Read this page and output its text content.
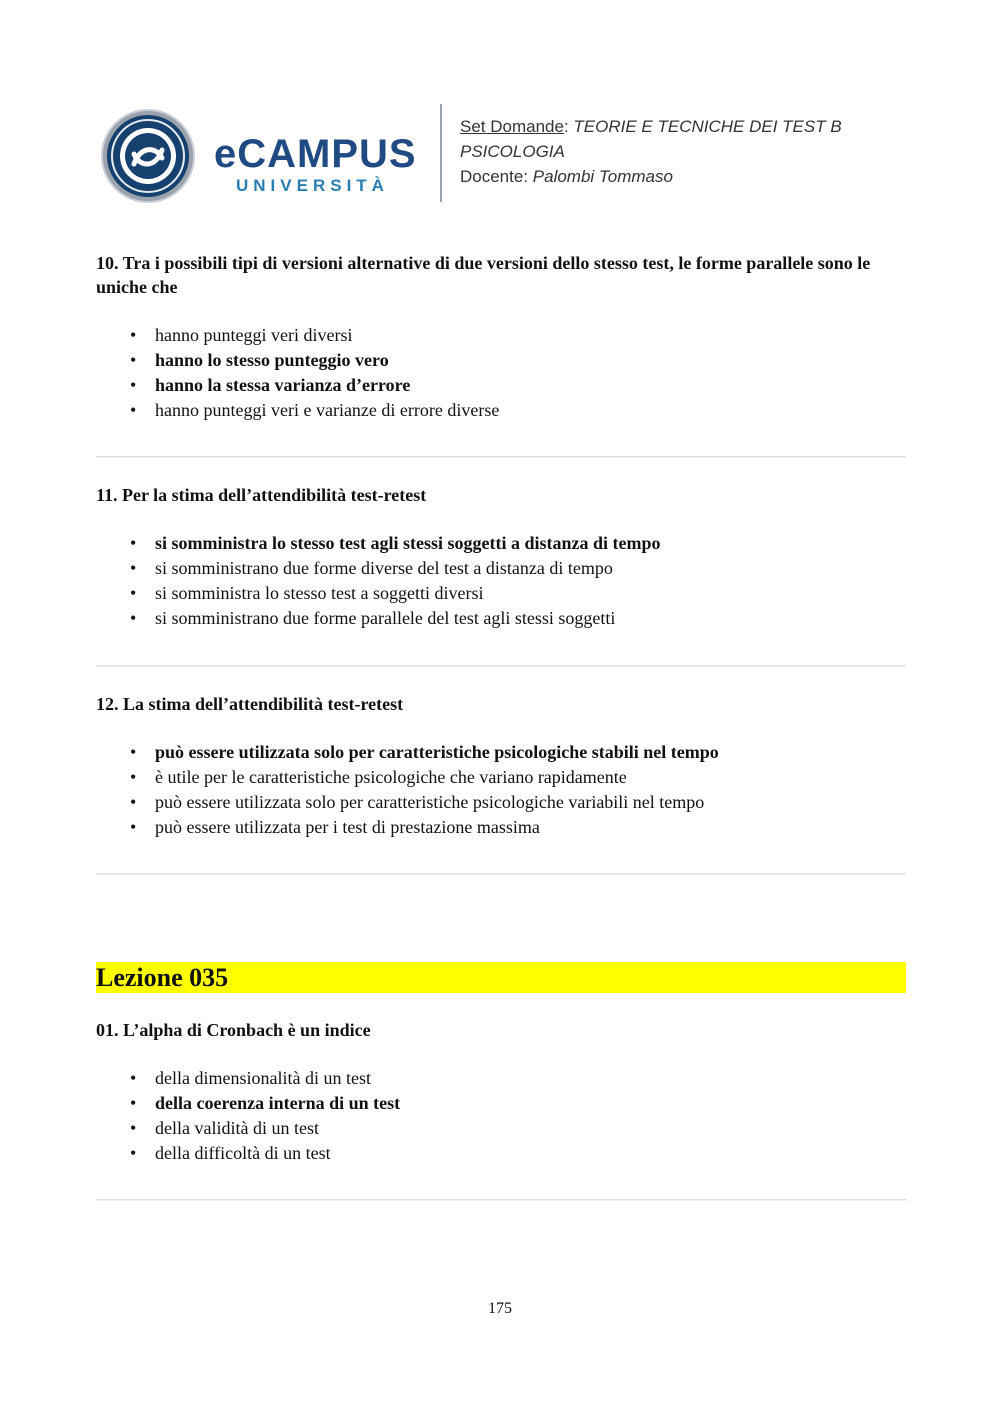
eCAMPUS
UNIVERSITÀ
Set Domande: TEORIE E TECNICHE DEI TEST B PSICOLOGIA
Docente: Palombi Tommaso

10. Tra i possibili tipi di versioni alternative di due versioni dello stesso test, le forme parallele sono le uniche che

• hanno punteggi veri diversi
• hanno lo stesso punteggio vero
• hanno la stessa varianza d’errore
• hanno punteggi veri e varianze di errore diverse

11. Per la stima dell’attendibilità test-retest

• si somministra lo stesso test agli stessi soggetti a distanza di tempo
• si somministrano due forme diverse del test a distanza di tempo
• si somministra lo stesso test a soggetti diversi
• si somministrano due forme parallele del test agli stessi soggetti

12. La stima dell’attendibilità test-retest

• può essere utilizzata solo per caratteristiche psicologiche stabili nel tempo
• è utile per le caratteristiche psicologiche che variano rapidamente
• può essere utilizzata solo per caratteristiche psicologiche variabili nel tempo
• può essere utilizzata per i test di prestazione massima
Lezione 035

01. L’alpha di Cronbach è un indice

• della dimensionalità di un test
• della coerenza interna di un test
• della validità di un test
• della difficoltà di un test
175
